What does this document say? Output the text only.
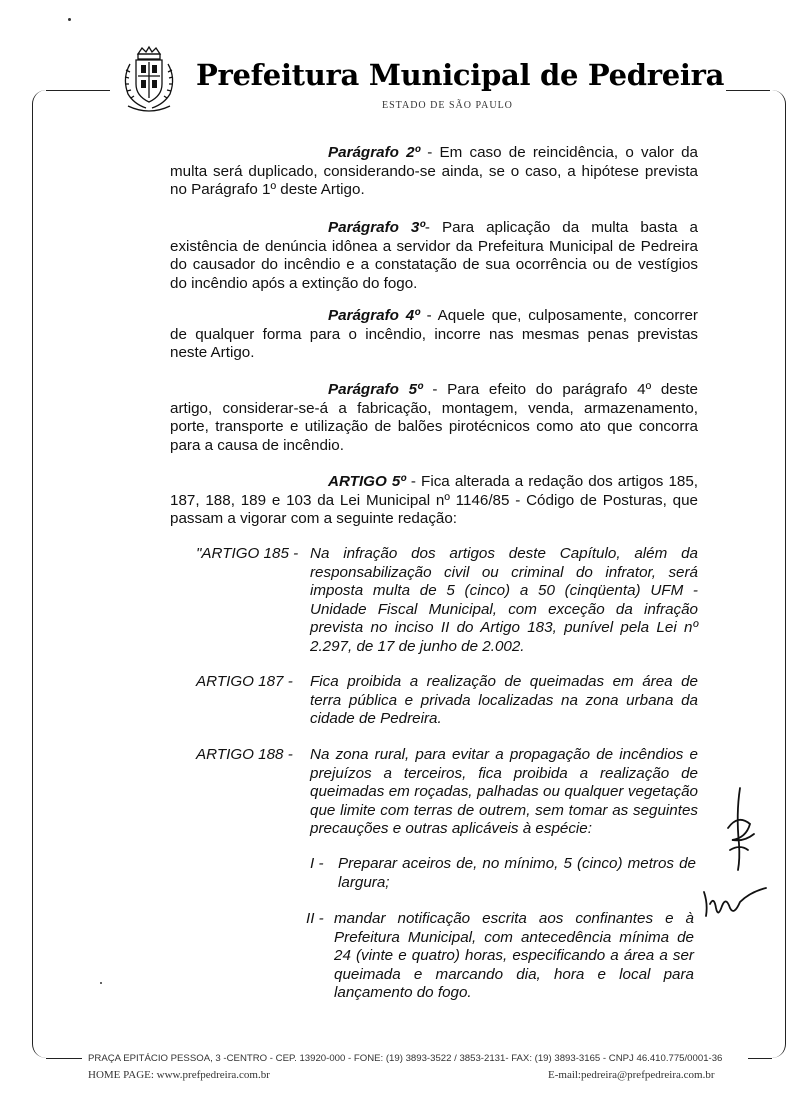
Prefeitura Municipal de Pedreira
ESTADO DE SÃO PAULO
Parágrafo 2º - Em caso de reincidência, o valor da multa será duplicado, considerando-se ainda, se o caso, a hipótese prevista no Parágrafo 1º deste Artigo.
Parágrafo 3º- Para aplicação da multa basta a existência de denúncia idônea a servidor da Prefeitura Municipal de Pedreira do causador do incêndio e a constatação de sua ocorrência ou de vestígios do incêndio após a extinção do fogo.
Parágrafo 4º - Aquele que, culposamente, concorrer de qualquer forma para o incêndio, incorre nas mesmas penas previstas neste Artigo.
Parágrafo 5º - Para efeito do parágrafo 4º deste artigo, considerar-se-á a fabricação, montagem, venda, armazenamento, porte, transporte e utilização de balões pirotécnicos como ato que concorra para a causa de incêndio.
ARTIGO 5º - Fica alterada a redação dos artigos 185, 187, 188, 189 e 103 da Lei Municipal nº 1146/85 - Código de Posturas, que passam a vigorar com a seguinte redação:
"ARTIGO 185 - Na infração dos artigos deste Capítulo, além da responsabilização civil ou criminal do infrator, será imposta multa de 5 (cinco) a 50 (cinqüenta) UFM - Unidade Fiscal Municipal, com exceção da infração prevista no inciso II do Artigo 183, punível pela Lei nº 2.297, de 17 de junho de 2.002.
ARTIGO 187 - Fica proibida a realização de queimadas em área de terra pública e privada localizadas na zona urbana da cidade de Pedreira.
ARTIGO 188 - Na zona rural, para evitar a propagação de incêndios e prejuízos a terceiros, fica proibida a realização de queimadas em roçadas, palhadas ou qualquer vegetação que limite com terras de outrem, sem tomar as seguintes precauções e outras aplicáveis à espécie:
I - Preparar aceiros de, no mínimo, 5 (cinco) metros de largura;
II - mandar notificação escrita aos confinantes e à Prefeitura Municipal, com antecedência mínima de 24 (vinte e quatro) horas, especificando a área a ser queimada e marcando dia, hora e local para lançamento do fogo.
PRAÇA EPITÁCIO PESSOA, 3 -CENTRO - CEP. 13920-000 - FONE: (19) 3893-3522 / 3853-2131- FAX: (19) 3893-3165 - CNPJ 46.410.775/0001-36
HOME PAGE: www.prefpedreira.com.br	E-mail:pedreira@prefpedreira.com.br
